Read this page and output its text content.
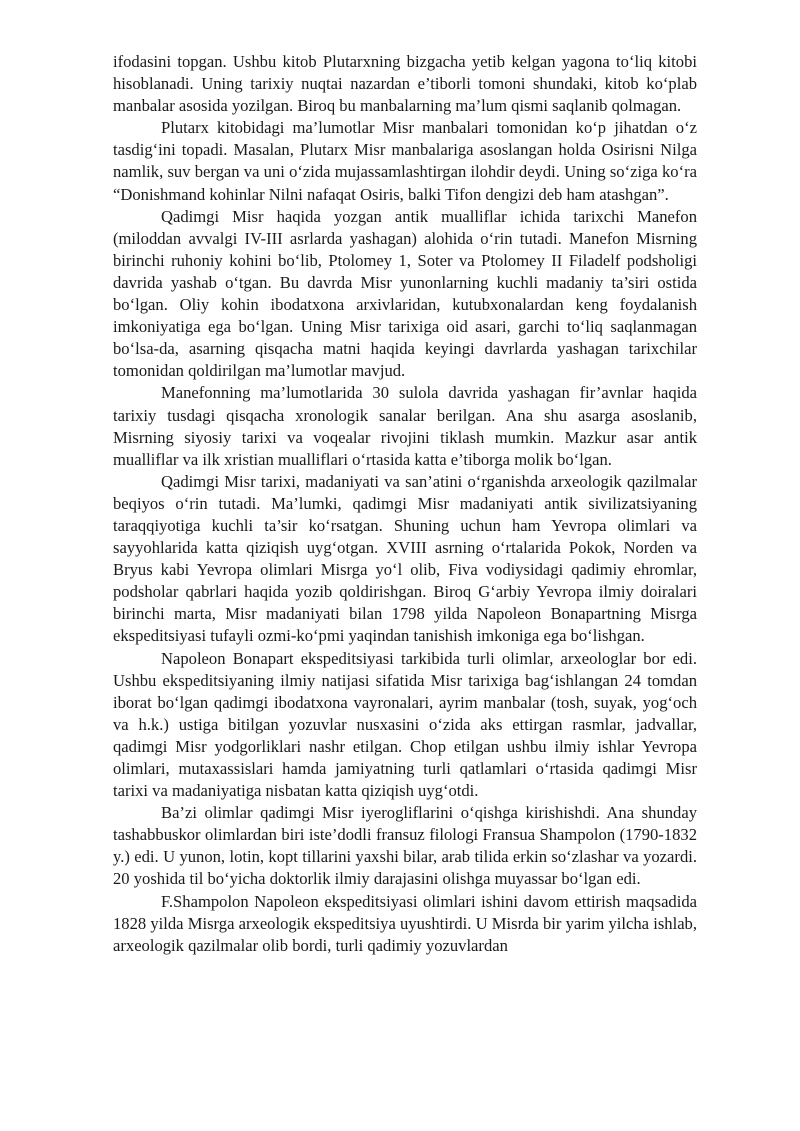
ifodasini topgan. Ushbu kitob Plutarxning bizgacha yetib kelgan yagona to‘liq kitobi hisoblanadi. Uning tarixiy nuqtai nazardan e’tiborli tomoni shundaki, kitob ko‘plab manbalar asosida yozilgan. Biroq bu manbalarning ma’lum qismi saqlanib qolmagan.

Plutarx kitobidagi ma’lumotlar Misr manbalari tomonidan ko‘p jihatdan o‘z tasdig‘ini topadi. Masalan, Plutarx Misr manbalariga asoslangan holda Osirisni Nilga namlik, suv bergan va uni o‘zida mujassamlashtirgan ilohdir deydi. Uning so‘ziga ko‘ra “Donishmand kohinlar Nilni nafaqat Osiris, balki Tifon dengizi deb ham atashgan”.

Qadimgi Misr haqida yozgan antik mualliflar ichida tarixchi Manefon (miloddan avvalgi IV-III asrlarda yashagan) alohida o‘rin tutadi. Manefon Misrning birinchi ruhoniy kohini bo‘lib, Ptolomey 1, Soter va Ptolomey II Filadelf podsholigi davrida yashab o‘tgan. Bu davrda Misr yunonlarning kuchli madaniy ta’siri ostida bo‘lgan. Oliy kohin ibodatxona arxivlaridan, kutubxonalardan keng foydalanish imkoniyatiga ega bo‘lgan. Uning Misr tarixiga oid asari, garchi to‘liq saqlanmagan bo‘lsa-da, asarning qisqacha matni haqida keyingi davrlarda yashagan tarixchilar tomonidan qoldirilgan ma’lumotlar mavjud.

Manefonning ma’lumotlarida 30 sulola davrida yashagan fir’avnlar haqida tarixiy tusdagi qisqacha xronologik sanalar berilgan. Ana shu asarga asoslanib, Misrning siyosiy tarixi va voqealar rivojini tiklash mumkin. Mazkur asar antik mualliflar va ilk xristian mualliflari o‘rtasida katta e’tiborga molik bo‘lgan.

Qadimgi Misr tarixi, madaniyati va san’atini o‘rganishda arxeologik qazilmalar beqiyos o‘rin tutadi. Ma’lumki, qadimgi Misr madaniyati antik sivilizatsiyaning taraqqiyotiga kuchli ta’sir ko‘rsatgan. Shuning uchun ham Yevropa olimlari va sayyohlarida katta qiziqish uyg‘otgan. XVIII asrning o‘rtalarida Pokok, Norden va Bryus kabi Yevropa olimlari Misrga yo‘l olib, Fiva vodiysidagi qadimiy ehromlar, podsholar qabrlari haqida yozib qoldirishgan. Biroq G‘arbiy Yevropa ilmiy doiralari birinchi marta, Misr madaniyati bilan 1798 yilda Napoleon Bonapartning Misrga ekspeditsiyasi tufayli ozmi-ko‘pmi yaqindan tanishish imkoniga ega bo‘lishgan.

Napoleon Bonapart ekspeditsiyasi tarkibida turli olimlar, arxeologlar bor edi. Ushbu ekspeditsiyaning ilmiy natijasi sifatida Misr tarixiga bag‘ishlangan 24 tomdan iborat bo‘lgan qadimgi ibodatxona vayronalari, ayrim manbalar (tosh, suyak, yog‘och va h.k.) ustiga bitilgan yozuvlar nusxasini o‘zida aks ettirgan rasmlar, jadvallar, qadimgi Misr yodgorliklari nashr etilgan. Chop etilgan ushbu ilmiy ishlar Yevropa olimlari, mutaxassislari hamda jamiyatning turli qatlamlari o‘rtasida qadimgi Misr tarixi va madaniyatiga nisbatan katta qiziqish uyg‘otdi.

Ba’zi olimlar qadimgi Misr iyerogliflarini o‘qishga kirishishdi. Ana shunday tashabbuskor olimlardan biri iste’dodli fransuz filologi Fransua Shampolon (1790-1832 y.) edi. U yunon, lotin, kopt tillarini yaxshi bilar, arab tilida erkin so‘zlashar va yozardi. 20 yoshida til bo‘yicha doktorlik ilmiy darajasini olishga muyassar bo‘lgan edi.

F.Shampolon Napoleon ekspeditsiyasi olimlari ishini davom ettirish maqsadida 1828 yilda Misrga arxeologik ekspeditsiya uyushtirdi. U Misrda bir yarim yilcha ishlab, arxeologik qazilmalar olib bordi, turli qadimiy yozuvlardan
